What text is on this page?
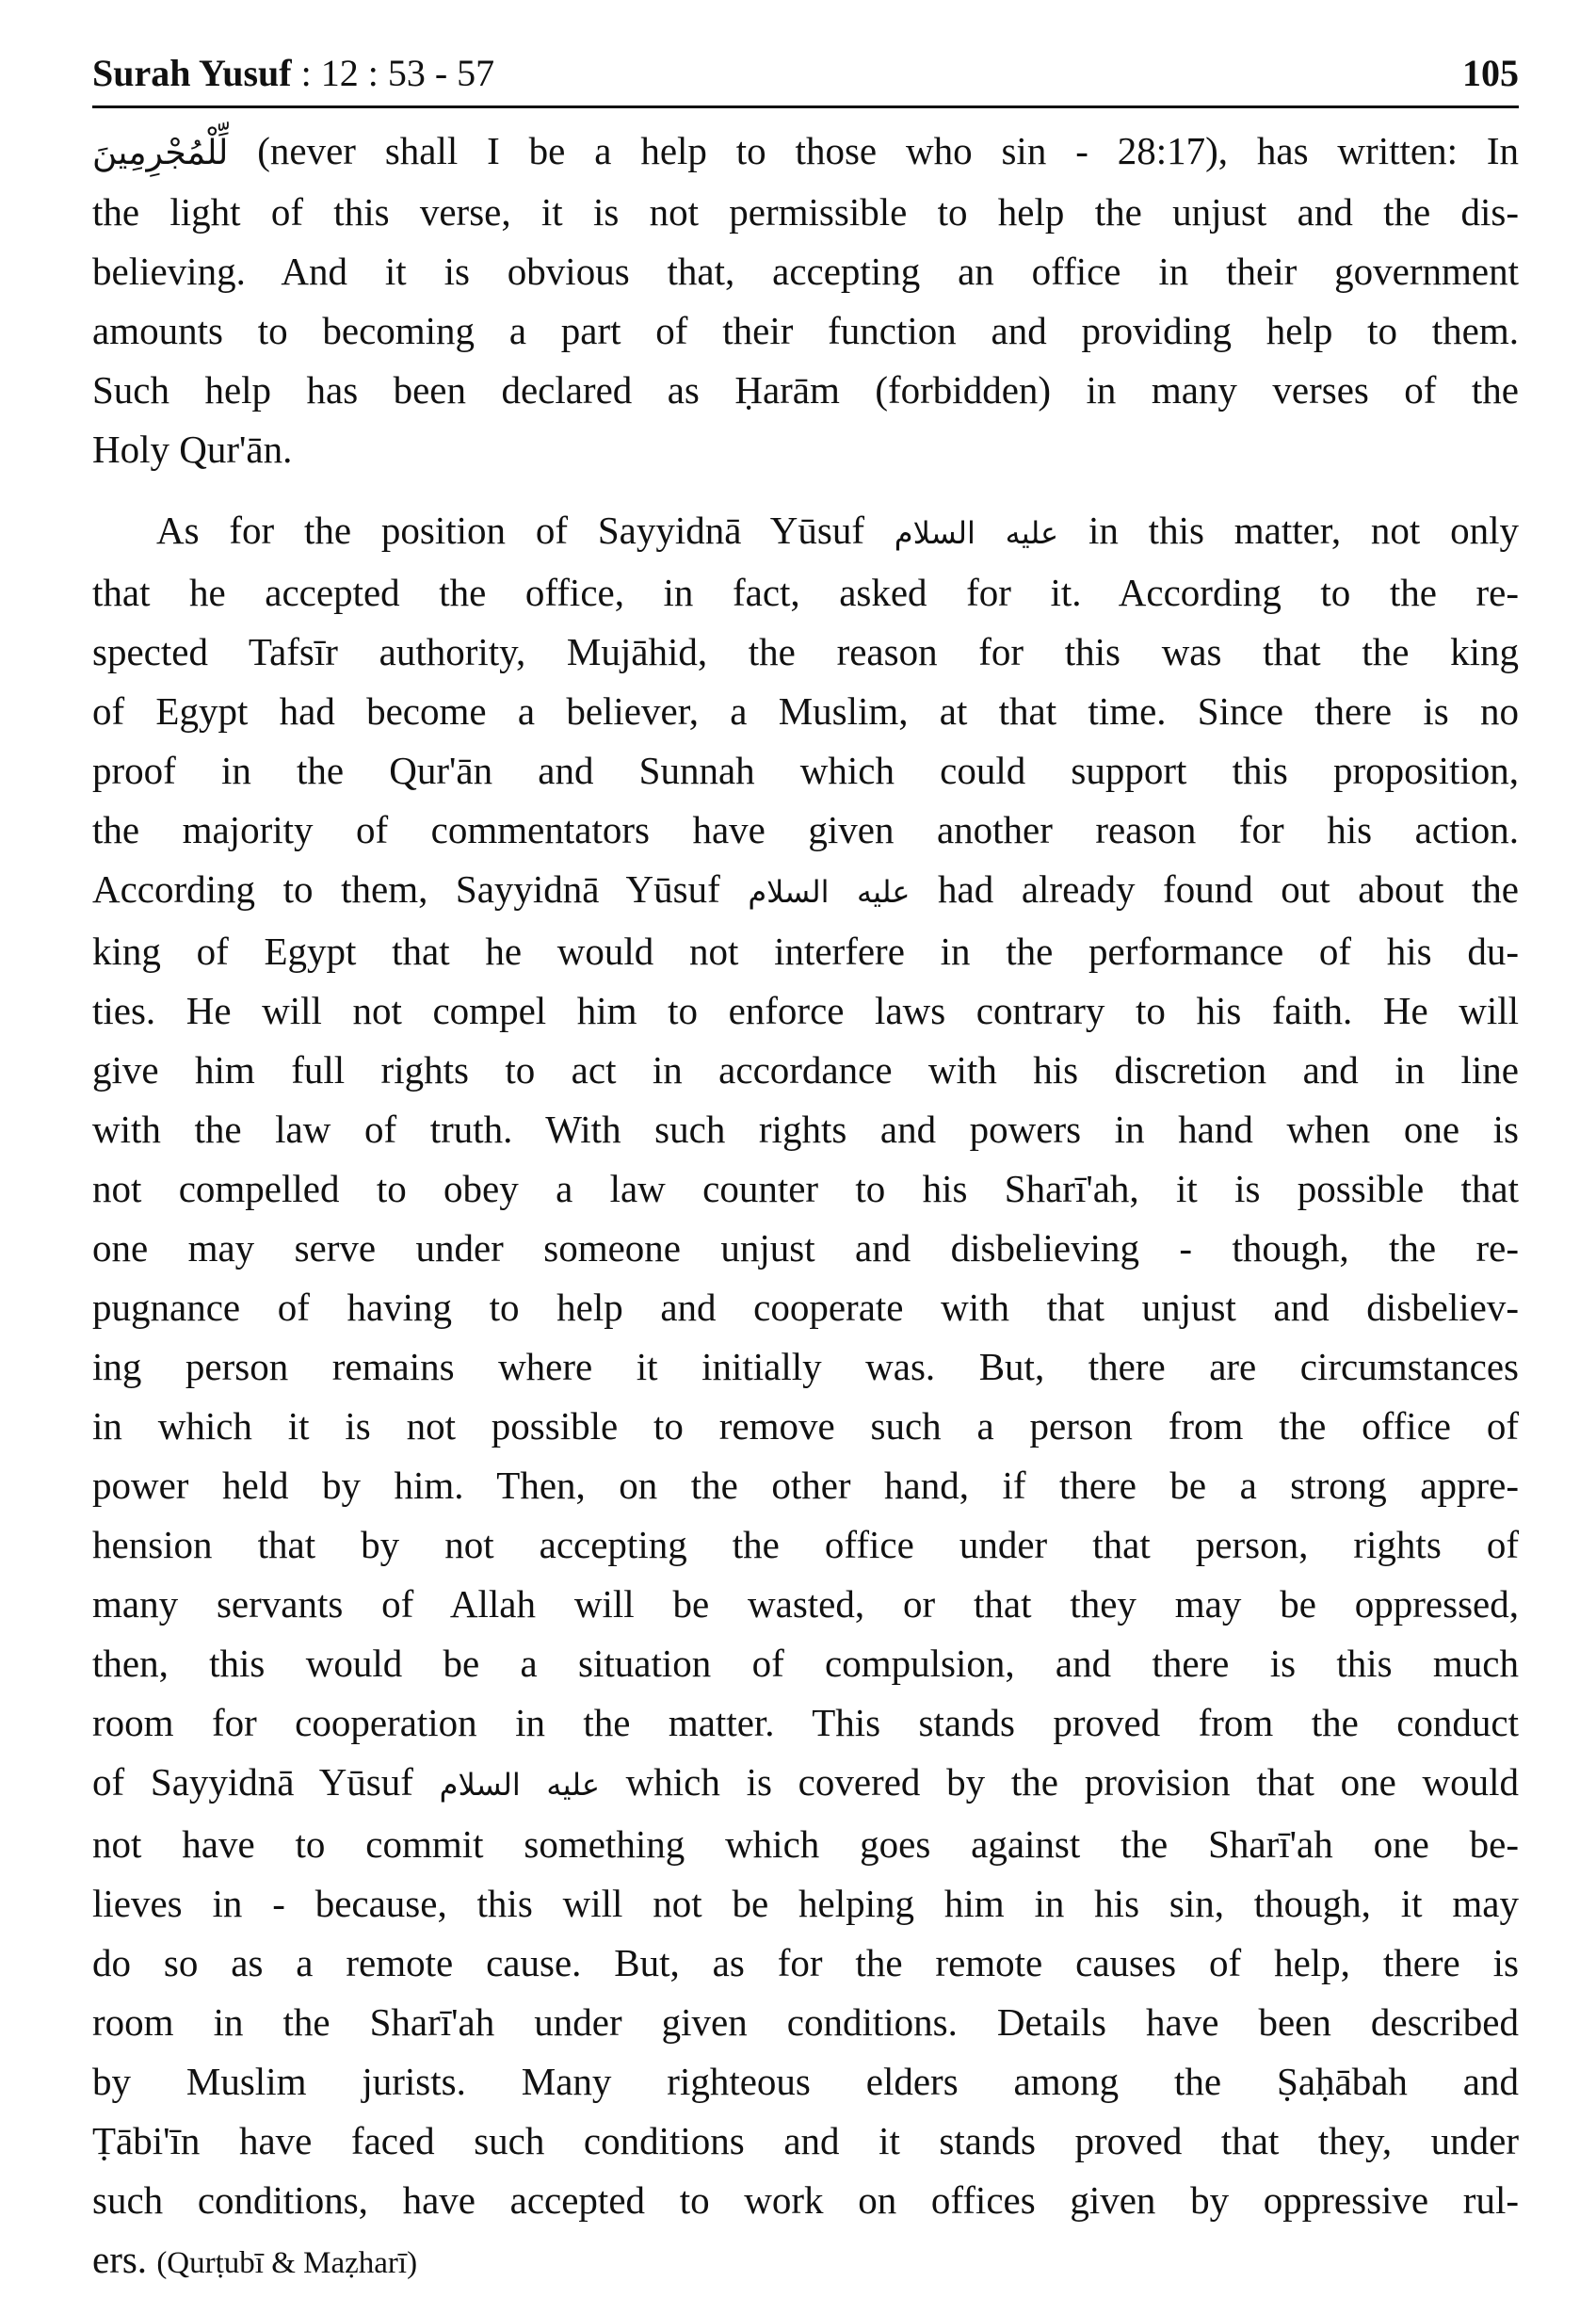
Surah Yusuf : 12 : 53 - 57	105

لِّلْمُجْرِمِينَ (never shall I be a help to those who sin - 28:17), has written: In
the light of this verse, it is not permissible to help the unjust and the dis-
believing. And it is obvious that, accepting an office in their government
amounts to becoming a part of their function and providing help to them.
Such help has been declared as Ḥarām (forbidden) in many verses of the
Holy Qur'ān.

As for the position of Sayyidnā Yūsuf عليه السلام in this matter, not only
that he accepted the office, in fact, asked for it. According to the re-
spected Tafsīr authority, Mujāhid, the reason for this was that the king
of Egypt had become a believer, a Muslim, at that time. Since there is no
proof in the Qur'ān and Sunnah which could support this proposition,
the majority of commentators have given another reason for his action.
According to them, Sayyidnā Yūsuf عليه السلام had already found out about the
king of Egypt that he would not interfere in the performance of his du-
ties. He will not compel him to enforce laws contrary to his faith. He will
give him full rights to act in accordance with his discretion and in line
with the law of truth. With such rights and powers in hand when one is
not compelled to obey a law counter to his Sharī'ah, it is possible that
one may serve under someone unjust and disbelieving - though, the re-
pugnance of having to help and cooperate with that unjust and disbeliev-
ing person remains where it initially was. But, there are circumstances
in which it is not possible to remove such a person from the office of
power held by him. Then, on the other hand, if there be a strong appre-
hension that by not accepting the office under that person, rights of
many servants of Allah will be wasted, or that they may be oppressed,
then, this would be a situation of compulsion, and there is this much
room for cooperation in the matter. This stands proved from the conduct
of Sayyidnā Yūsuf عليه السلام which is covered by the provision that one would
not have to commit something which goes against the Sharī'ah one be-
lieves in - because, this will not be helping him in his sin, though, it may
do so as a remote cause. But, as for the remote causes of help, there is
room in the Sharī'ah under given conditions. Details have been described
by Muslim jurists. Many righteous elders among the Ṣaḥābah and
Ṭābi'īn have faced such conditions and it stands proved that they, under
such conditions, have accepted to work on offices given by oppressive rul-
ers. (Qurṭubī & Maẓharī)
